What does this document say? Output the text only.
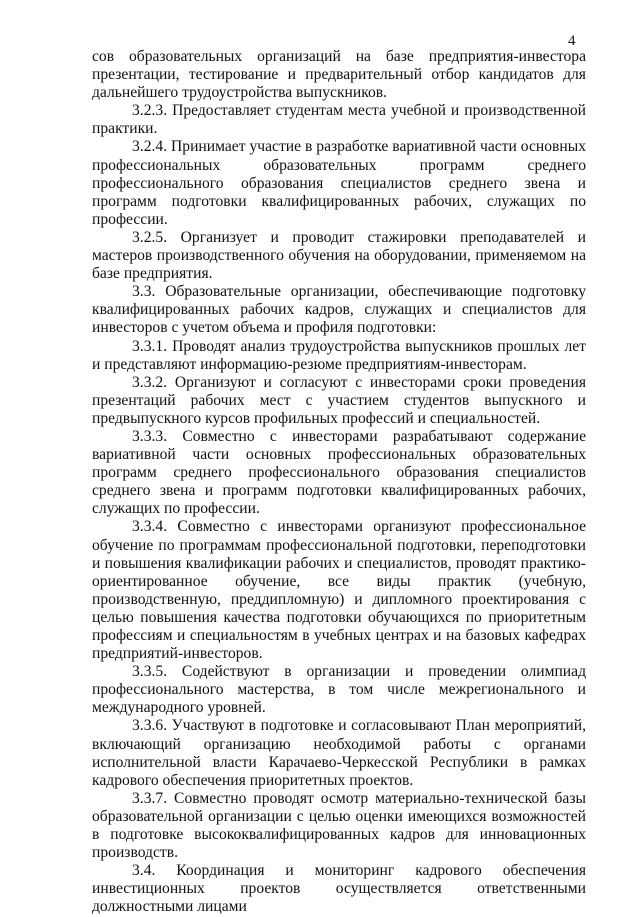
4

сов образовательных организаций на базе предприятия-инвестора презентации, тестирование и предварительный отбор кандидатов для дальнейшего трудоустройства выпускников.

3.2.3. Предоставляет студентам места учебной и производственной практики.

3.2.4. Принимает участие в разработке вариативной части основных профессиональных образовательных программ среднего профессионального образования специалистов среднего звена и программ подготовки квалифицированных рабочих, служащих по профессии.

3.2.5. Организует и проводит стажировки преподавателей и мастеров производственного обучения на оборудовании, применяемом на базе предприятия.

3.3. Образовательные организации, обеспечивающие подготовку квалифицированных рабочих кадров, служащих и специалистов для инвесторов с учетом объема и профиля подготовки:

3.3.1. Проводят анализ трудоустройства выпускников прошлых лет и представляют информацию-резюме предприятиям-инвесторам.

3.3.2. Организуют и согласуют с инвесторами сроки проведения презентаций рабочих мест с участием студентов выпускного и предвыпускного курсов профильных профессий и специальностей.

3.3.3. Совместно с инвесторами разрабатывают содержание вариативной части основных профессиональных образовательных программ среднего профессионального образования специалистов среднего звена и программ подготовки квалифицированных рабочих, служащих по профессии.

3.3.4. Совместно с инвесторами организуют профессиональное обучение по программам профессиональной подготовки, переподготовки и повышения квалификации рабочих и специалистов, проводят практико-ориентированное обучение, все виды практик (учебную, производственную, преддипломную) и дипломного проектирования с целью повышения качества подготовки обучающихся по приоритетным профессиям и специальностям в учебных центрах и на базовых кафедрах предприятий-инвесторов.

3.3.5. Содействуют в организации и проведении олимпиад профессионального мастерства, в том числе межрегионального и международного уровней.

3.3.6. Участвуют в подготовке и согласовывают План мероприятий, включающий организацию необходимой работы с органами исполнительной власти Карачаево-Черкесской Республики в рамках кадрового обеспечения приоритетных проектов.

3.3.7. Совместно проводят осмотр материально-технической базы образовательной организации с целью оценки имеющихся возможностей в подготовке высококвалифицированных кадров для инновационных производств.

3.4. Координация и мониторинг кадрового обеспечения инвестиционных проектов осуществляется ответственными должностными лицами
